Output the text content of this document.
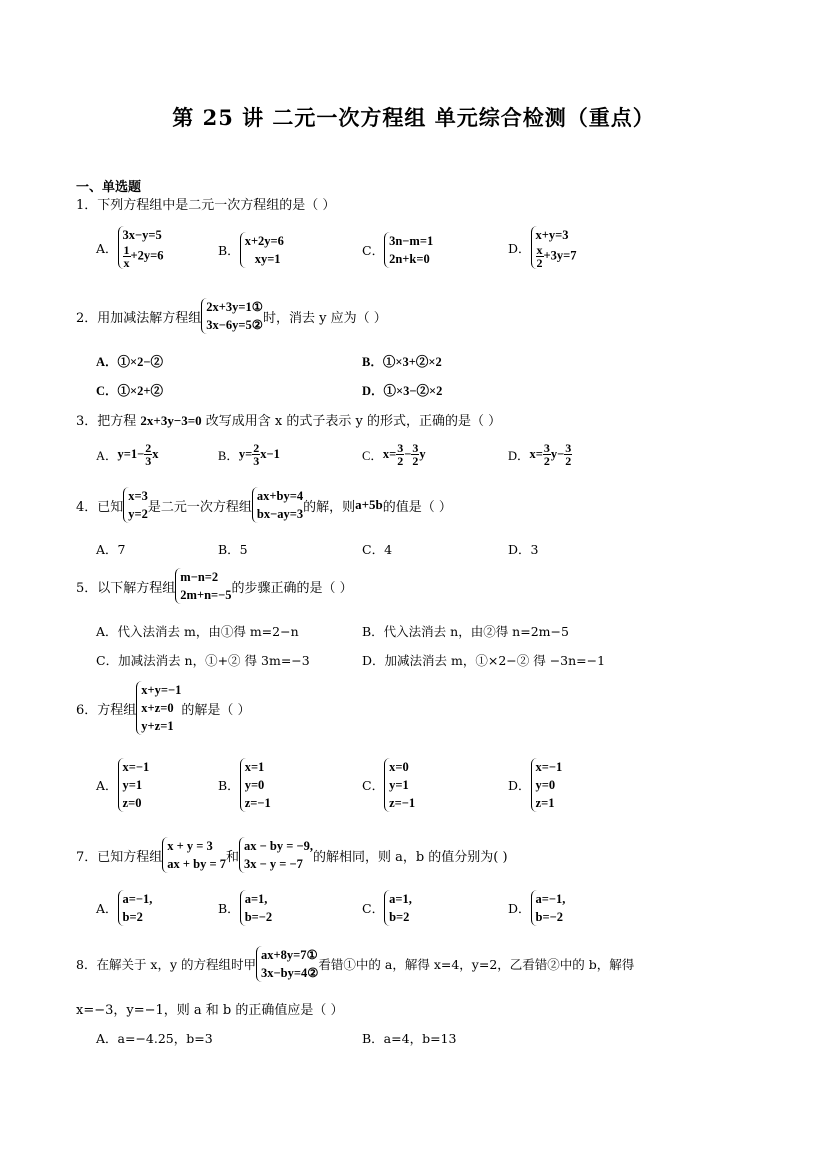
第 25 讲 二元一次方程组 单元综合检测（重点）
一、单选题
1．下列方程组中是二元一次方程组的是（ ）
A．
3x−y=5
$\frac{1}{x} +2y=6$	B．
x+2y=6
xy=1
C．
3n−m=1
2n+k=0
D．
x+y=3
$\frac{x}{2} +3y=7$
2．用加减法解方程组
2x+3y=1①
3x−6y=5② 时，消去 y 应为（ ）
A．①×2−②	B．①×3+②×2
C．①×2+②	D．①×3−②×2
3．把方程 2x+3y−3=0 改写成用含 x 的式子表示 y 的形式，正确的是（ ）
A． $y=1- \frac{2}{3}$ x	B． $y= \frac{2}{3} x-1$	C． $x= \frac{3}{2} - \frac{3}{2}$ y	D． $x= \frac{3}{2} y- \frac{3}{2}$
4．已知
x=3
y=2 是二元一次方程组
ax+by=4
bx−ay=3 的解，则 a+5b 的值是（ ）
A．7	B．5	C．4	D．3
5．以下解方程组
m−n=2
2m+n=−5 的步骤正确的是（ ）
A．代入法消去 m，由①得 m=2−n	B．代入法消去 n，由②得 n=2m−5
C．加减法消去 n，①+② 得 3m=−3	D．加减法消去 m，①×2−② 得 −3n=−1
6．方程组
x+y=−1
x+z=0
y+z=1
的解是（ ）
A．
x=−1
y=1
z=0
B．
x=1
y=0
z=−1
C．
x=0
y=1
z=−1
D．
x=−1
y=0
z=1
7．已知方程组
x + y = 3
ax + by = 7 和
ax − by = −9,
3x − y = −7 的解相同，则 a，b 的值分别为( )
A．
a=−1,
b=2
B．
a=1,
b=−2
C．
a=1,
b=2
D．
a=−1,
b=−2
8．在解关于 x，y 的方程组时甲
ax+8y=7①
3x−by=4②
看错①中的 a，解得 x=4，y=2，乙看错②中的 b，解得
x=−3，y=−1，则 a 和 b 的正确值应是（ ）
A．a=−4.25，b=3	B．a=4，b=13
